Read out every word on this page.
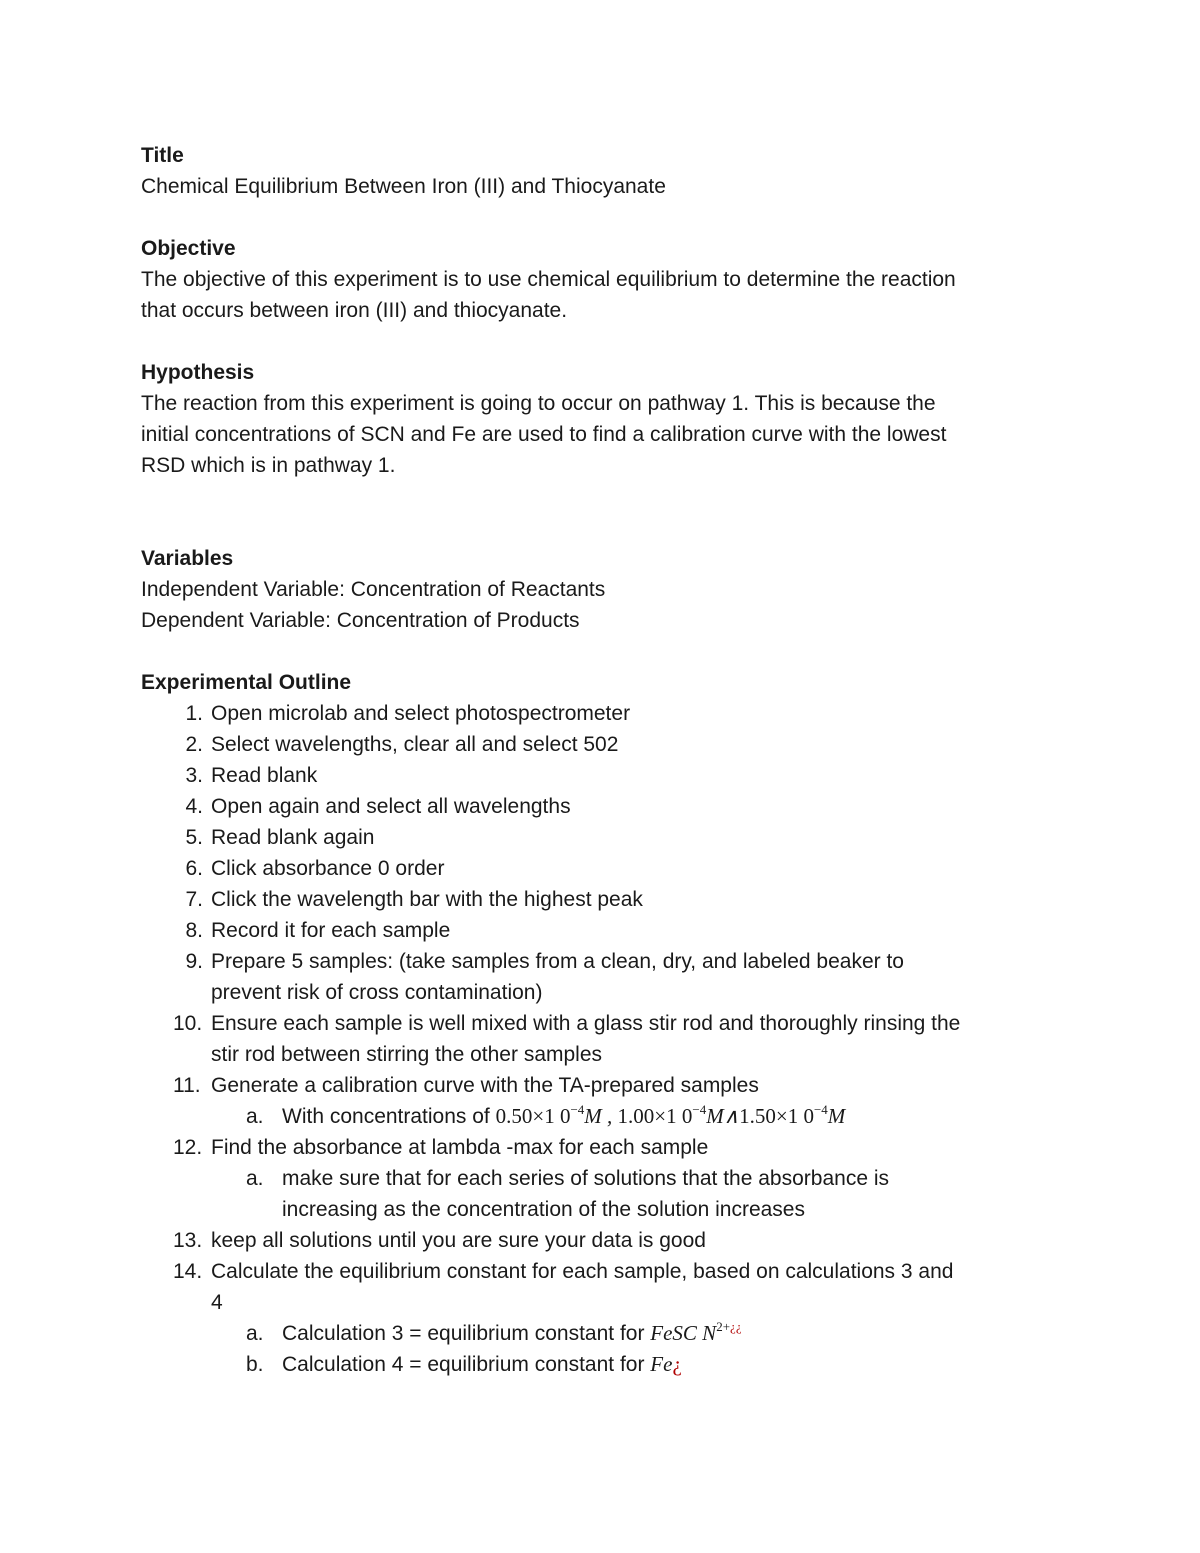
Title

Chemical Equilibrium Between Iron (III) and Thiocyanate

Objective

The objective of this experiment is to use chemical equilibrium to determine the reaction

that occurs between iron (III) and thiocyanate.

Hypothesis

The reaction from this experiment is going to occur on pathway 1. This is because the

initial concentrations of SCN and Fe are used to find a calibration curve with the lowest

RSD which is in pathway 1.

Variables

Independent Variable: Concentration of Reactants

Dependent Variable: Concentration of Products

Experimental Outline

1. Open microlab and select photospectrometer
2. Select wavelengths, clear all and select 502
3. Read blank
4. Open again and select all wavelengths
5. Read blank again
6. Click absorbance 0 order
7. Click the wavelength bar with the highest peak
8. Record it for each sample
9. Prepare 5 samples: (take samples from a clean, dry, and labeled beaker to
prevent risk of cross contamination)
10. Ensure each sample is well mixed with a glass stir rod and thoroughly rinsing the
stir rod between stirring the other samples
11. Generate a calibration curve with the TA-prepared samples
a. With concentrations of 0.50×1 $0^{-4}M$ , 1.00×1 $0^{-4}M\wedge 1.50\times 1$ $0^{-4}M$
12. Find the absorbance at lambda -max for each sample
a. make sure that for each series of solutions that the absorbance is
increasing as the concentration of the solution increases
13. keep all solutions until you are sure your data is good
14. Calculate the equilibrium constant for each sample, based on calculations 3 and
4
a. Calculation 3 = equilibrium constant for FeSC $N^{2+¿¿}$
b. Calculation 4 = equilibrium constant for Fe¿
